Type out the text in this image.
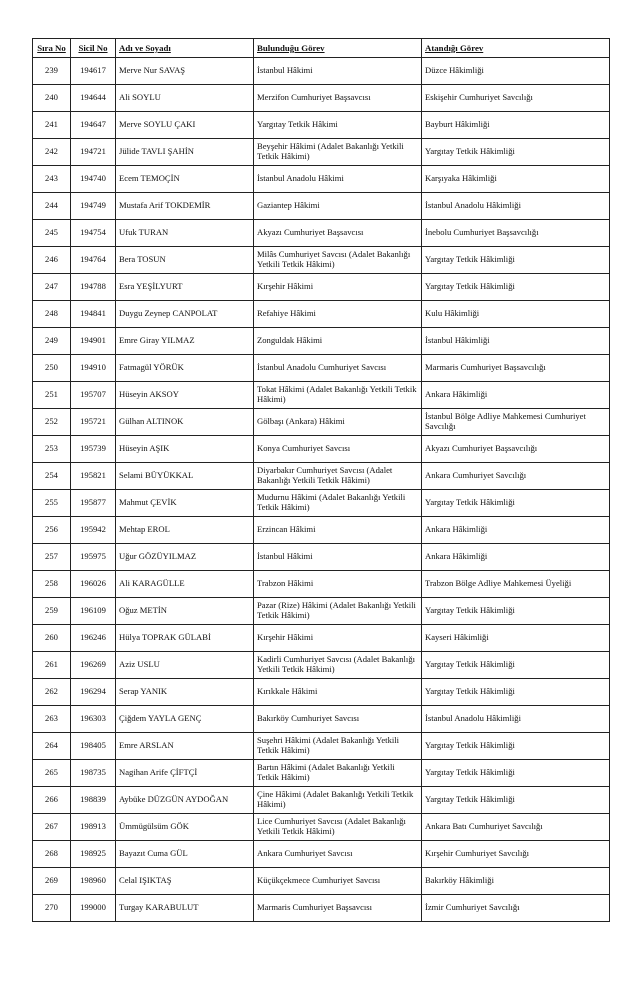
Sıra No	Sicil No	Adı ve Soyadı	Bulunduğu Görev	Atandığı Görev
239	194617	Merve Nur SAVAŞ	İstanbul Hâkimi	Düzce Hâkimliği
240	194644	Ali SOYLU	Merzifon Cumhuriyet Başsavcısı	Eskişehir Cumhuriyet Savcılığı
241	194647	Merve SOYLU ÇAKI	Yargıtay Tetkik Hâkimi	Bayburt Hâkimliği
242	194721	Jülide TAVLI ŞAHİN	Beyşehir Hâkimi (Adalet Bakanlığı Yetkili Tetkik Hâkimi)	Yargıtay Tetkik Hâkimliği
243	194740	Ecem TEMOÇİN	İstanbul Anadolu Hâkimi	Karşıyaka Hâkimliği
244	194749	Mustafa Arif TOKDEMİR	Gaziantep Hâkimi	İstanbul Anadolu Hâkimliği
245	194754	Ufuk TURAN	Akyazı Cumhuriyet Başsavcısı	İnebolu Cumhuriyet Başsavcılığı
246	194764	Bera TOSUN	Milâs Cumhuriyet Savcısı (Adalet Bakanlığı Yetkili Tetkik Hâkimi)	Yargıtay Tetkik Hâkimliği
247	194788	Esra YEŞİLYURT	Kırşehir Hâkimi	Yargıtay Tetkik Hâkimliği
248	194841	Duygu Zeynep CANPOLAT	Refahiye Hâkimi	Kulu Hâkimliği
249	194901	Emre Giray YILMAZ	Zonguldak Hâkimi	İstanbul Hâkimliği
250	194910	Fatmagül YÖRÜK	İstanbul Anadolu Cumhuriyet Savcısı	Marmaris Cumhuriyet Başsavcılığı
251	195707	Hüseyin AKSOY	Tokat Hâkimi (Adalet Bakanlığı Yetkili Tetkik Hâkimi)	Ankara Hâkimliği
252	195721	Gülhan ALTINOK	Gölbaşı (Ankara) Hâkimi	İstanbul Bölge Adliye Mahkemesi Cumhuriyet Savcılığı
253	195739	Hüseyin AŞIK	Konya Cumhuriyet Savcısı	Akyazı Cumhuriyet Başsavcılığı
254	195821	Selami BÜYÜKKAL	Diyarbakır Cumhuriyet Savcısı (Adalet Bakanlığı Yetkili Tetkik Hâkimi)	Ankara Cumhuriyet Savcılığı
255	195877	Mahmut ÇEVİK	Mudurnu Hâkimi (Adalet Bakanlığı Yetkili Tetkik Hâkimi)	Yargıtay Tetkik Hâkimliği
256	195942	Mehtap EROL	Erzincan Hâkimi	Ankara Hâkimliği
257	195975	Uğur GÖZÜYILMAZ	İstanbul Hâkimi	Ankara Hâkimliği
258	196026	Ali KARAGÜLLE	Trabzon Hâkimi	Trabzon Bölge Adliye Mahkemesi Üyeliği
259	196109	Oğuz METİN	Pazar (Rize) Hâkimi (Adalet Bakanlığı Yetkili Tetkik Hâkimi)	Yargıtay Tetkik Hâkimliği
260	196246	Hülya TOPRAK GÜLABİ	Kırşehir Hâkimi	Kayseri Hâkimliği
261	196269	Aziz USLU	Kadirli Cumhuriyet Savcısı (Adalet Bakanlığı Yetkili Tetkik Hâkimi)	Yargıtay Tetkik Hâkimliği
262	196294	Serap YANIK	Kırıkkale Hâkimi	Yargıtay Tetkik Hâkimliği
263	196303	Çiğdem YAYLA GENÇ	Bakırköy Cumhuriyet Savcısı	İstanbul Anadolu Hâkimliği
264	198405	Emre ARSLAN	Suşehri Hâkimi (Adalet Bakanlığı Yetkili Tetkik Hâkimi)	Yargıtay Tetkik Hâkimliği
265	198735	Nagihan Arife ÇİFTÇİ	Bartın Hâkimi (Adalet Bakanlığı Yetkili Tetkik Hâkimi)	Yargıtay Tetkik Hâkimliği
266	198839	Aybüke DÜZGÜN AYDOĞAN	Çine Hâkimi (Adalet Bakanlığı Yetkili Tetkik Hâkimi)	Yargıtay Tetkik Hâkimliği
267	198913	Ümmügülsüm GÖK	Lice Cumhuriyet Savcısı (Adalet Bakanlığı Yetkili Tetkik Hâkimi)	Ankara Batı Cumhuriyet Savcılığı
268	198925	Bayazıt Cuma GÜL	Ankara Cumhuriyet Savcısı	Kırşehir Cumhuriyet Savcılığı
269	198960	Celal IŞIKTAŞ	Küçükçekmece Cumhuriyet Savcısı	Bakırköy Hâkimliği
270	199000	Turgay KARABULUT	Marmaris Cumhuriyet Başsavcısı	İzmir Cumhuriyet Savcılığı
